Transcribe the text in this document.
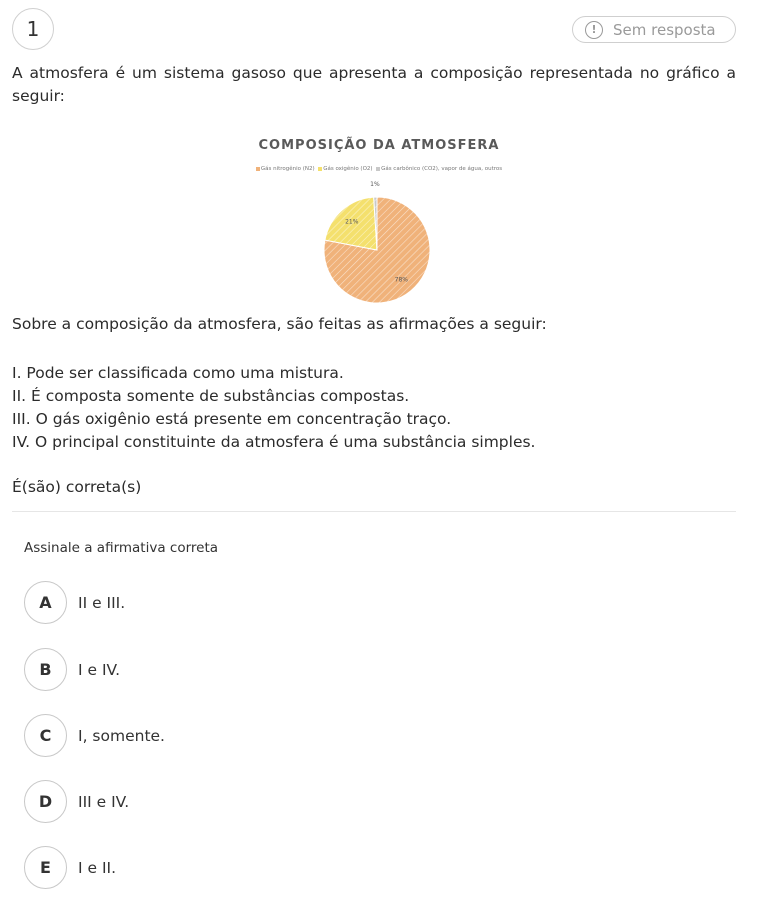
1	!	Sem resposta

A atmosfera é um sistema gasoso que apresenta a composição representada no gráfico a seguir:

COMPOSIÇÃO DA ATMOSFERA
Gás nitrogênio (N2) Gás oxigênio (O2) Gás carbônico (CO2), vapor de água, outros
78%
21%
1%

Sobre a composição da atmosfera, são feitas as afirmações a seguir:

I. Pode ser classificada como uma mistura.
II. É composta somente de substâncias compostas.
III. O gás oxigênio está presente em concentração traço.
IV. O principal constituinte da atmosfera é uma substância simples.

É(são) correta(s)

Assinale a afirmativa correta

A	II e III.
B	I e IV.
C	I, somente.
D	III e IV.
E	I e II.
